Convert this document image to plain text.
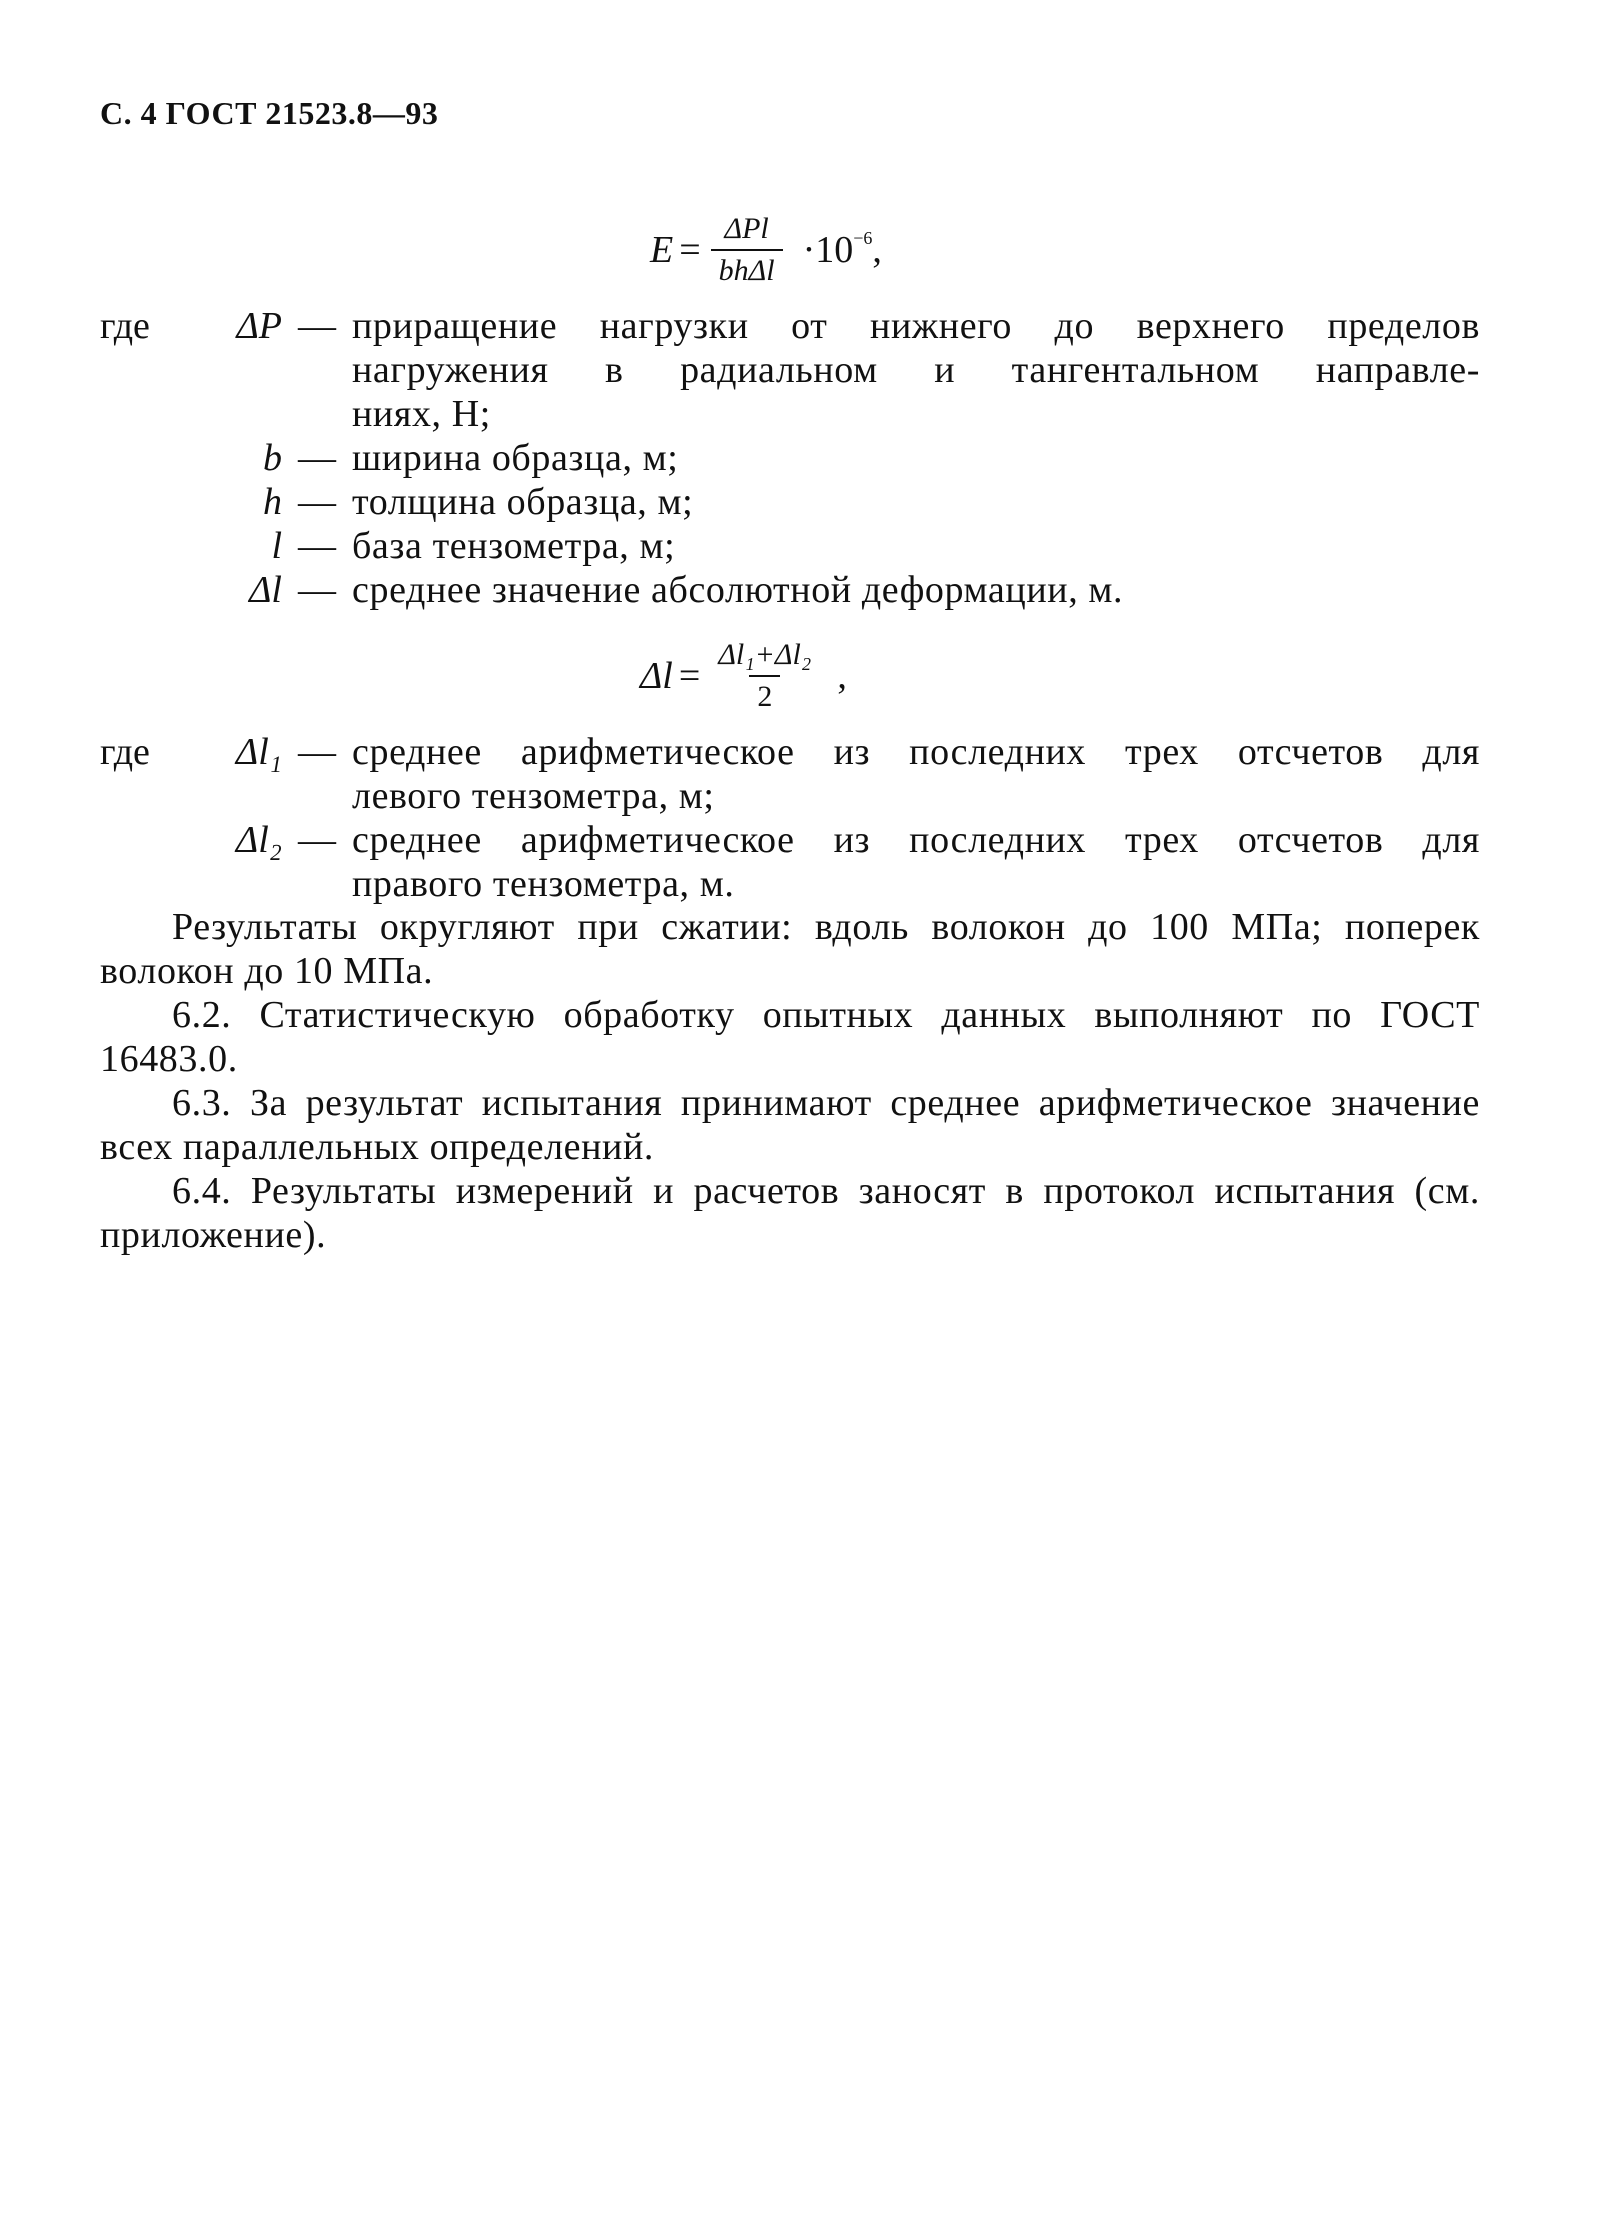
С. 4 ГОСТ 21523.8—93
$E = \frac{\text{ΔPl}}{\text{bhΔl}} \cdot 10^{-6}$ ,
где	ΔP — приращение нагрузки от нижнего до верхнего пределов
нагружения в радиальном и тангентальном направле-
ниях, Н;
b — ширина образца, м;
h — толщина образца, м;
l — база тензометра, м;
Δl — среднее значение абсолютной деформации, м.
$\Delta l = \frac{\text{Δl₁+Δl₂}}{2}$ ,
где	Δl₁ — среднее арифметическое из последних трех отсчетов для
левого тензометра, м;
Δl₂ — среднее арифметическое из последних трех отсчетов для
правого тензометра, м.

Результаты округляют при сжатии: вдоль волокон до 100 МПа; поперек волокон до 10 МПа.

6.2. Статистическую обработку опытных данных выполняют по ГОСТ 16483.0.

6.3. За результат испытания принимают среднее арифметическое значение всех параллельных определений.

6.4. Результаты измерений и расчетов заносят в протокол испытания (см. приложение).
